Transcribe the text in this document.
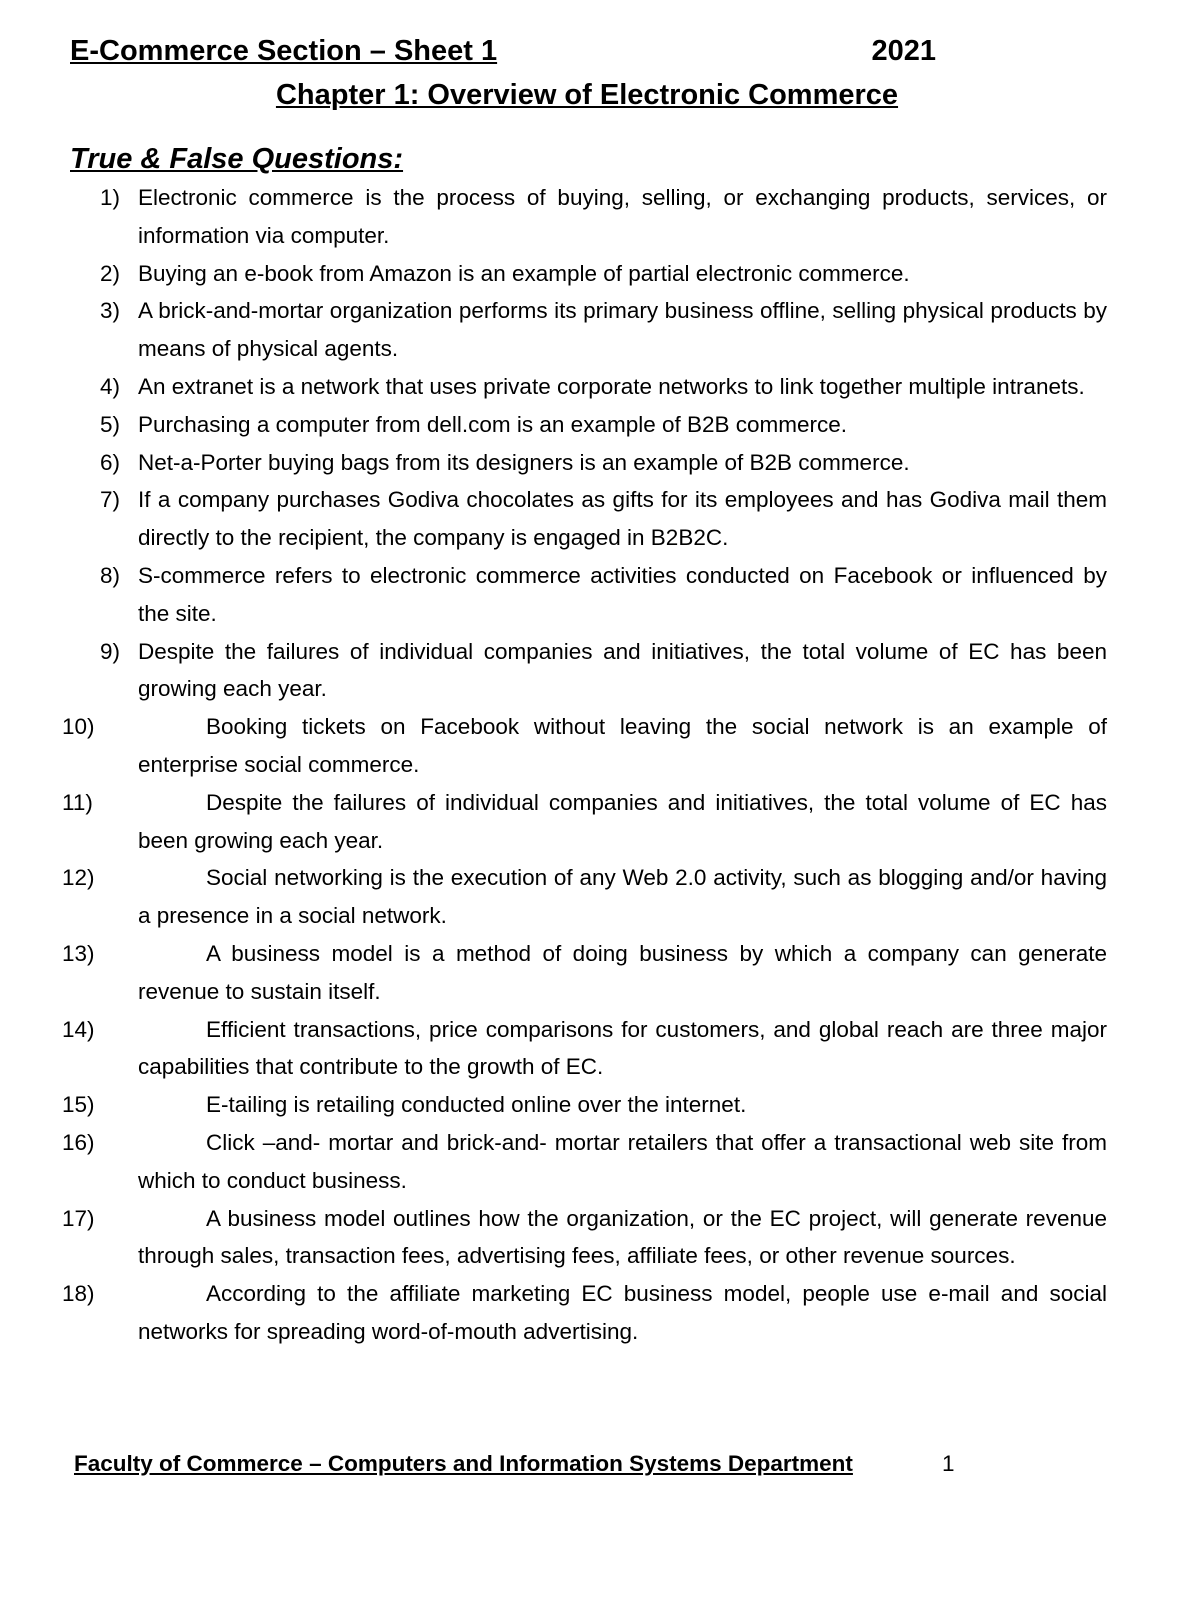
E-Commerce Section – Sheet 1	2021
Chapter 1: Overview of Electronic Commerce
True & False Questions:
1) Electronic commerce is the process of buying, selling, or exchanging products, services, or information via computer.
2) Buying an e-book from Amazon is an example of partial electronic commerce.
3) A brick-and-mortar organization performs its primary business offline, selling physical products by means of physical agents.
4) An extranet is a network that uses private corporate networks to link together multiple intranets.
5) Purchasing a computer from dell.com is an example of B2B commerce.
6) Net-a-Porter buying bags from its designers is an example of B2B commerce.
7) If a company purchases Godiva chocolates as gifts for its employees and has Godiva mail them directly to the recipient, the company is engaged in B2B2C.
8) S-commerce refers to electronic commerce activities conducted on Facebook or influenced by the site.
9) Despite the failures of individual companies and initiatives, the total volume of EC has been growing each year.
10)	Booking tickets on Facebook without leaving the social network is an example of enterprise social commerce.
11)	Despite the failures of individual companies and initiatives, the total volume of EC has been growing each year.
12)	Social networking is the execution of any Web 2.0 activity, such as blogging and/or having a presence in a social network.
13)	A business model is a method of doing business by which a company can generate revenue to sustain itself.
14)	Efficient transactions, price comparisons for customers, and global reach are three major capabilities that contribute to the growth of EC.
15)	E-tailing is retailing conducted online over the internet.
16)	Click –and- mortar and brick-and- mortar retailers that offer a transactional web site from which to conduct business.
17)	A business model outlines how the organization, or the EC project, will generate revenue through sales, transaction fees, advertising fees, affiliate fees, or other revenue sources.
18)	According to the affiliate marketing EC business model, people use e-mail and social networks for spreading word-of-mouth advertising.
Faculty of Commerce – Computers and Information Systems Department	1
